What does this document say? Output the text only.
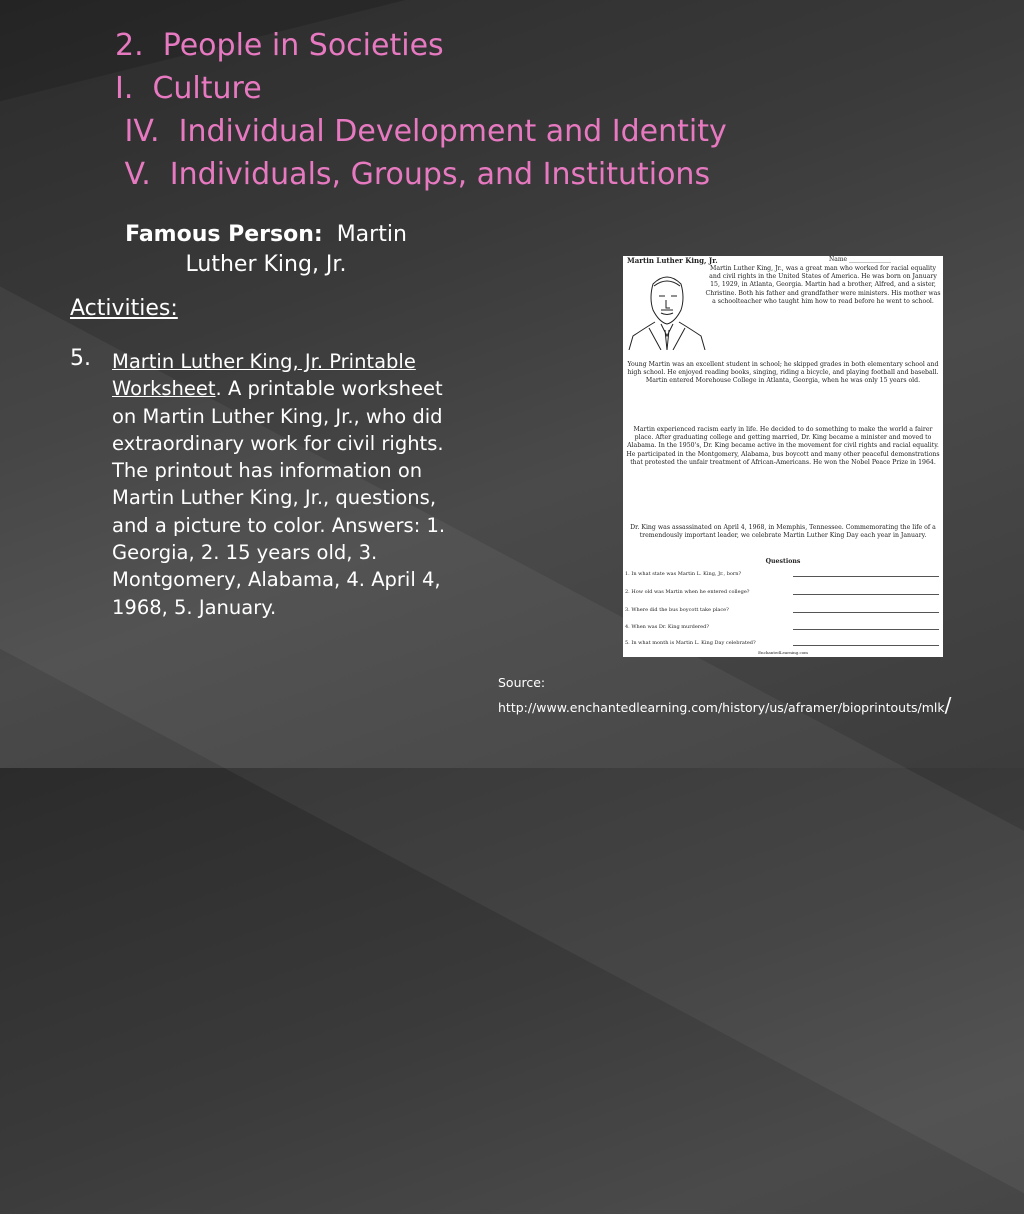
2.  People in Societies
I.  Culture
IV.  Individual Development and Identity
V.  Individuals, Groups, and Institutions
Famous Person: Martin
Luther King, Jr.
Activities:
5. Martin Luther King, Jr. Printable Worksheet. A printable worksheet on Martin Luther King, Jr., who did extraordinary work for civil rights. The printout has information on Martin Luther King, Jr., questions, and a picture to color. Answers: 1. Georgia, 2. 15 years old, 3. Montgomery, Alabama, 4. April 4, 1968, 5. January.
Martin Luther King, Jr.	Name ______________
Martin Luther King, Jr., was a great man who worked for racial equality and civil rights in the United States of America. He was born on January 15, 1929, in Atlanta, Georgia. Martin had a brother, Alfred, and a sister, Christine. Both his father and grandfather were ministers. His mother was a schoolteacher who taught him how to read before he went to school.
Young Martin was an excellent student in school; he skipped grades in both elementary school and high school. He enjoyed reading books, singing, riding a bicycle, and playing football and baseball. Martin entered Morehouse College in Atlanta, Georgia, when he was only 15 years old.
Martin experienced racism early in life. He decided to do something to make the world a fairer place. After graduating college and getting married, Dr. King became a minister and moved to Alabama. In the 1950's, Dr. King became active in the movement for civil rights and racial equality. He participated in the Montgomery, Alabama, bus boycott and many other peaceful demonstrations that protested the unfair treatment of African-Americans. He won the Nobel Peace Prize in 1964.
Dr. King was assassinated on April 4, 1968, in Memphis, Tennessee. Commemorating the life of a tremendously important leader, we celebrate Martin Luther King Day each year in January.
Questions
1. In what state was Martin L. King, Jr., born?
2. How old was Martin when he entered college?
3. Where did the bus boycott take place?
4. When was Dr. King murdered?
5. In what month is Martin L. King Day celebrated?
EnchantedLearning.com
Source:
http://www.enchantedlearning.com/history/us/aframer/bioprintouts/mlk/
